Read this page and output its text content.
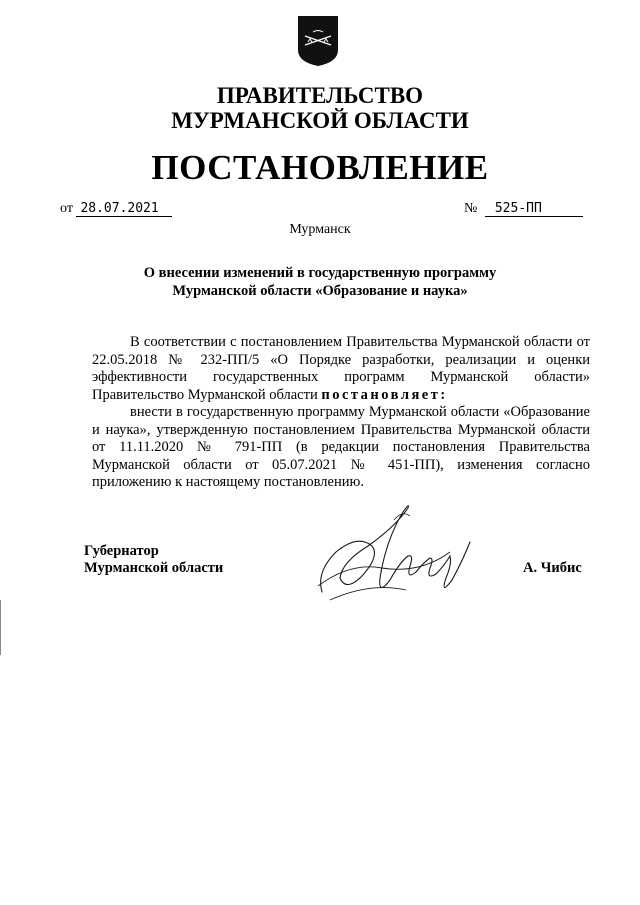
ПРАВИТЕЛЬСТВО
МУРМАНСКОЙ ОБЛАСТИ
ПОСТАНОВЛЕНИЕ
от 28.07.2021	№ 525-ПП
Мурманск
О внесении изменений в государственную программу
Мурманской области «Образование и наука»

В соответствии с постановлением Правительства Мурманской области от 22.05.2018 № 232-ПП/5 «О Порядке разработки, реализации и оценки эффективности государственных программ Мурманской области» Правительство Мурманской области постановляет:

внести в государственную программу Мурманской области «Образование и наука», утвержденную постановлением Правительства Мурманской области от 11.11.2020 № 791-ПП (в редакции постановления Правительства Мурманской области от 05.07.2021 № 451-ПП), изменения согласно приложению к настоящему постановлению.

Губернатор
Мурманской области	А. Чибис
